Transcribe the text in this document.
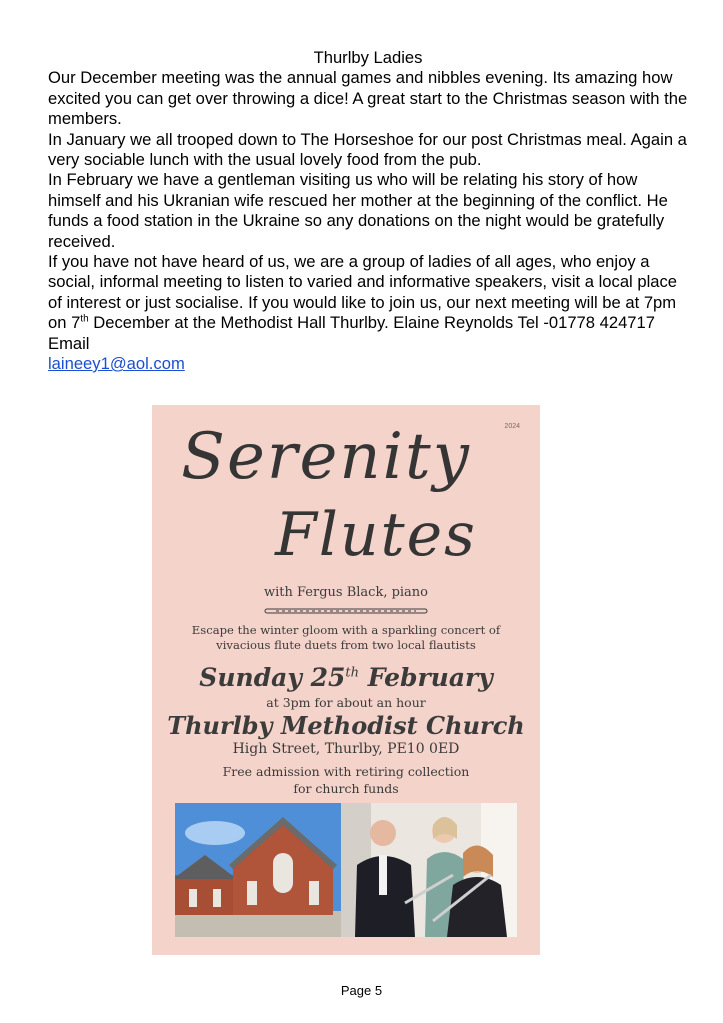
Thurlby Ladies

Our December meeting was the annual games and nibbles evening. Its amazing how excited you can get over throwing a dice! A great start to the Christmas season with the members.

In January we all trooped down to The Horseshoe for our post Christmas meal. Again a very sociable lunch with the usual lovely food from the pub.

In February we have a gentleman visiting us who will be relating his story of how himself and his Ukranian wife rescued her mother at the beginning of the conflict. He funds a food station in the Ukraine so any donations on the night would be gratefully received.

If you have not have heard of us, we are a group of ladies of all ages, who enjoy a social, informal meeting to listen to varied and informative speakers, visit a local place of interest or just socialise. If you would like to join us, our next meeting will be at 7pm on 7th December at the Methodist Hall Thurlby. Elaine Reynolds Tel -01778 424717 Email

laineey1@aol.com

2024
Serenity
Flutes
with Fergus Black, piano
Escape the winter gloom with a sparkling concert of
vivacious flute duets from two local flautists
Sunday 25th February
at 3pm for about an hour
Thurlby Methodist Church
High Street, Thurlby, PE10 0ED
Free admission with retiring collection
for church funds
Page 5
